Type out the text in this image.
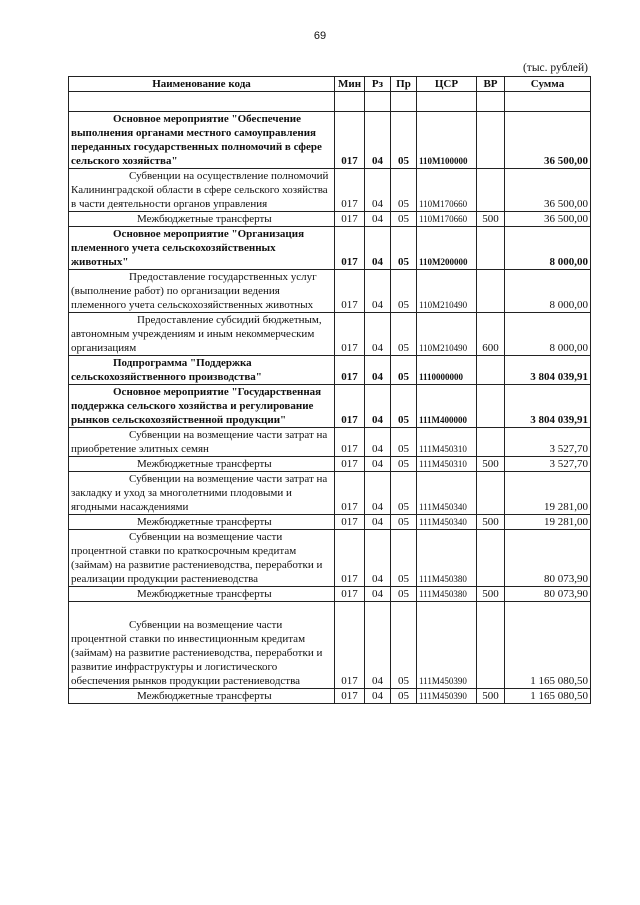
69
(тыс. рублей)
Наименование кода	Мин	Рз	Пр	ЦСР	ВР	Сумма

Основное мероприятие "Обеспечение выполнения органами местного самоуправления переданных государственных полномочий в сфере сельского хозяйства"	017	04	05	110M100000		36 500,00
Субвенции на осуществление полномочий Калининградской области в сфере сельского хозяйства в части деятельности органов управления	017	04	05	110M170660		36 500,00
Межбюджетные трансферты	017	04	05	110M170660	500	36 500,00
Основное мероприятие "Организация племенного учета сельскохозяйственных животных"	017	04	05	110M200000		8 000,00
Предоставление государственных услуг (выполнение работ) по организации ведения племенного учета сельскохозяйственных животных	017	04	05	110M210490		8 000,00
Предоставление субсидий бюджетным, автономным учреждениям и иным некоммерческим организациям	017	04	05	110M210490	600	8 000,00
Подпрограмма "Поддержка сельскохозяйственного производства"	017	04	05	1110000000		3 804 039,91
Основное мероприятие "Государственная поддержка сельского хозяйства и регулирование рынков сельскохозяйственной продукции"	017	04	05	111M400000		3 804 039,91
Субвенции на возмещение части затрат на приобретение элитных семян	017	04	05	111M450310		3 527,70
Межбюджетные трансферты	017	04	05	111M450310	500	3 527,70
Субвенции на возмещение части затрат на закладку и уход за многолетними плодовыми и ягодными насаждениями	017	04	05	111M450340		19 281,00
Межбюджетные трансферты	017	04	05	111M450340	500	19 281,00
Субвенции на возмещение части процентной ставки по краткосрочным кредитам (займам) на развитие растениеводства, переработки и реализации продукции растениеводства	017	04	05	111M450380		80 073,90
Межбюджетные трансферты	017	04	05	111M450380	500	80 073,90
Субвенции на возмещение части процентной ставки по инвестиционным кредитам (займам) на развитие растениеводства, переработки и развитие инфраструктуры и логистического обеспечения рынков продукции растениеводства	017	04	05	111M450390		1 165 080,50
Межбюджетные трансферты	017	04	05	111M450390	500	1 165 080,50
